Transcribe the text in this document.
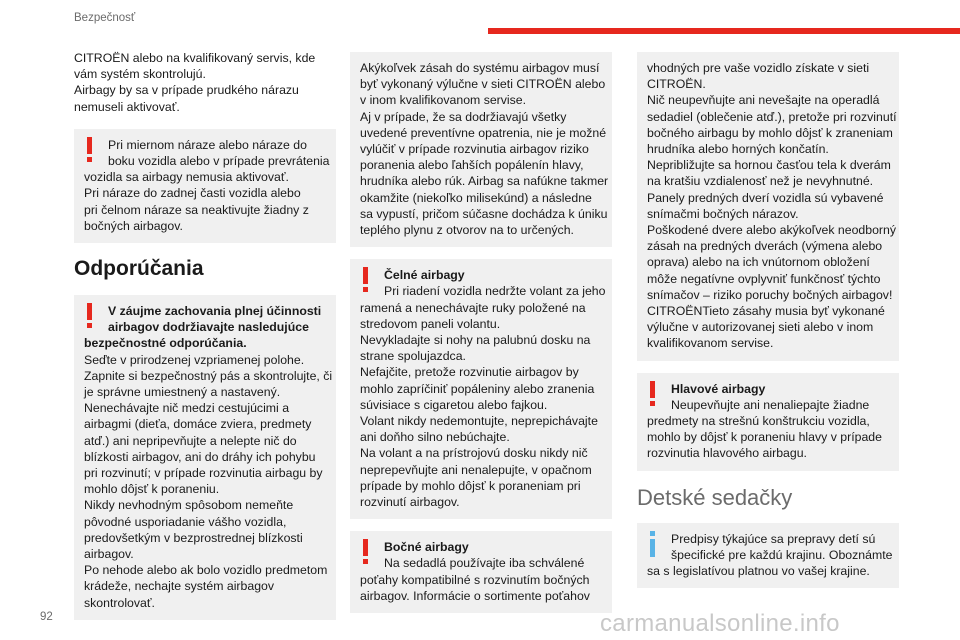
Bezpečnosť
CITROËN alebo na kvalifikovaný servis, kde
vám systém skontrolujú.
Airbagy by sa v prípade prudkého nárazu
nemuseli aktivovať.
Pri miernom náraze alebo náraze do
boku vozidla alebo v prípade prevrátenia
vozidla sa airbagy nemusia aktivovať.
Pri náraze do zadnej časti vozidla alebo
pri čelnom náraze sa neaktivujte žiadny z
bočných airbagov.
Odporúčania
V záujme zachovania plnej účinnosti
airbagov dodržiavajte nasledujúce
bezpečnostné odporúčania.
Seďte v prirodzenej vzpriamenej polohe.
Zapnite si bezpečnostný pás a skontrolujte, či
je správne umiestnený a nastavený.
Nenechávajte nič medzi cestujúcimi a
airbagmi (dieťa, domáce zviera, predmety
atď.) ani nepripevňujte a nelepte nič do
blízkosti airbagov, ani do dráhy ich pohybu
pri rozvinutí; v prípade rozvinutia airbagu by
mohlo dôjsť k poraneniu.
Nikdy nevhodným spôsobom nemeňte
pôvodné usporiadanie vášho vozidla,
predovšetkým v bezprostrednej blízkosti
airbagov.
Po nehode alebo ak bolo vozidlo predmetom
krádeže, nechajte systém airbagov
skontrolovať.
Akýkoľvek zásah do systému airbagov musí
byť vykonaný výlučne v sieti CITROËN alebo
v inom kvalifikovanom servise.
Aj v prípade, že sa dodržiavajú všetky
uvedené preventívne opatrenia, nie je možné
vylúčiť v prípade rozvinutia airbagov riziko
poranenia alebo ľahších popálenín hlavy,
hrudníka alebo rúk. Airbag sa nafúkne takmer
okamžite (niekoľko milisekúnd) a následne
sa vypustí, pričom súčasne dochádza k úniku
teplého plynu z otvorov na to určených.
Čelné airbagy
Pri riadení vozidla nedržte volant za jeho
ramená a nenechávajte ruky položené na
stredovom paneli volantu.
Nevykladajte si nohy na palubnú dosku na
strane spolujazdca.
Nefajčite, pretože rozvinutie airbagov by
mohlo zapríčiniť popáleniny alebo zranenia
súvisiace s cigaretou alebo fajkou.
Volant nikdy nedemontujte, neprepichávajte
ani doňho silno nebúchajte.
Na volant a na prístrojovú dosku nikdy nič
neprepevňujte ani nenalepujte, v opačnom
prípade by mohlo dôjsť k poraneniam pri
rozvinutí airbagov.
Bočné airbagy
Na sedadlá používajte iba schválené
poťahy kompatibilné s rozvinutím bočných
airbagov. Informácie o sortimente poťahov
vhodných pre vaše vozidlo získate v sieti
CITROËN.
Nič neupevňujte ani nevešajte na operadlá
sedadiel (oblečenie atď.), pretože pri rozvinutí
bočného airbagu by mohlo dôjsť k zraneniam
hrudníka alebo horných končatín.
Nepribližujte sa hornou časťou tela k dverám
na kratšiu vzdialenosť než je nevyhnutné.
Panely predných dverí vozidla sú vybavené
snímačmi bočných nárazov.
Poškodené dvere alebo akýkoľvek neodborný
zásah na predných dverách (výmena alebo
oprava) alebo na ich vnútornom obložení
môže negatívne ovplyvniť funkčnosť týchto
snímačov – riziko poruchy bočných airbagov!
CITROËNTieto zásahy musia byť vykonané
výlučne v autorizovanej sieti alebo v inom
kvalifikovanom servise.
Hlavové airbagy
Neupevňujte ani nenaliepajte žiadne
predmety na strešnú konštrukciu vozidla,
mohlo by dôjsť k poraneniu hlavy v prípade
rozvinutia hlavového airbagu.
Detské sedačky
Predpisy týkajúce sa prepravy detí sú
špecifické pre každú krajinu. Oboznámte
sa s legislatívou platnou vo vašej krajine.
92	carmanualsonline.info
